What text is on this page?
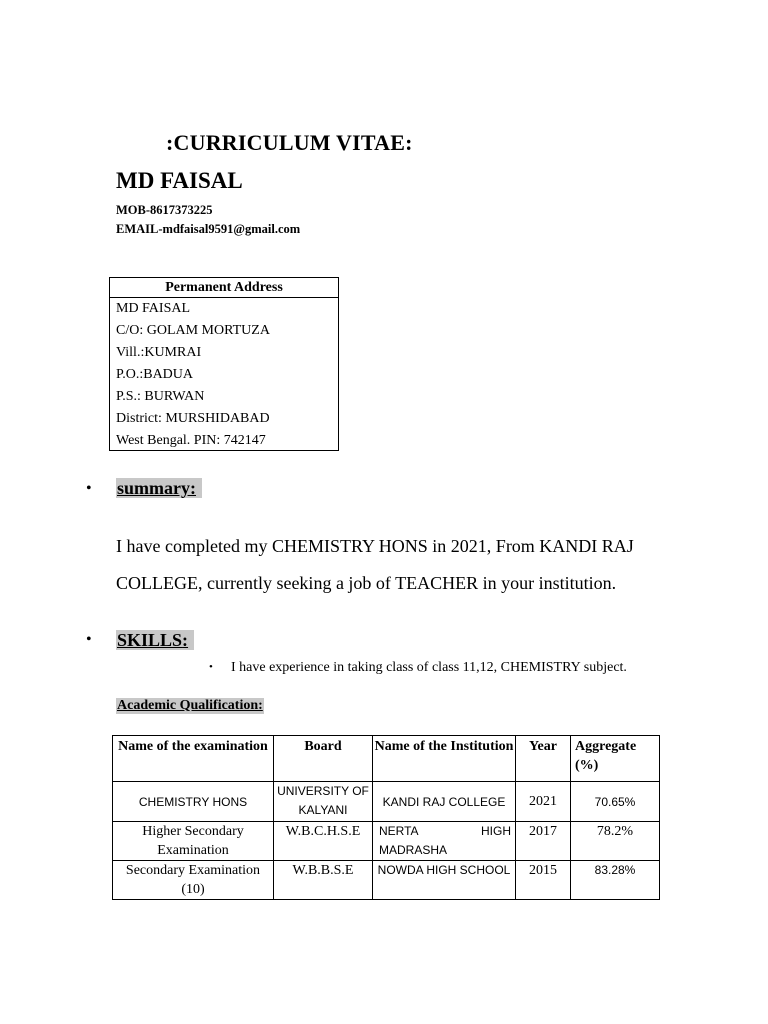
:CURRICULUM VITAE:
MD FAISAL
MOB-8617373225
EMAIL-mdfaisal9591@gmail.com
Permanent Address
MD FAISAL
C/O: GOLAM MORTUZA
Vill.:KUMRAI
P.O.:BADUA
P.S.: BURWAN
District: MURSHIDABAD
West Bengal. PIN: 742147
• summary:
I have completed my CHEMISTRY HONS in 2021, From KANDI RAJ
COLLEGE, currently seeking a job of TEACHER in your institution.
• SKILLS:
• I have experience in taking class of class 11,12, CHEMISTRY subject.
Academic Qualification:
Name of the examination	Board	Name of the Institution	Year	Aggregate (%)
CHEMISTRY HONS	UNIVERSITY OF KALYANI	KANDI RAJ COLLEGE	2021	70.65%
Higher Secondary Examination	W.B.C.H.S.E	NERTA HIGH MADRASHA	2017	78.2%
Secondary Examination (10)	W.B.B.S.E	NOWDA HIGH SCHOOL	2015	83.28%
